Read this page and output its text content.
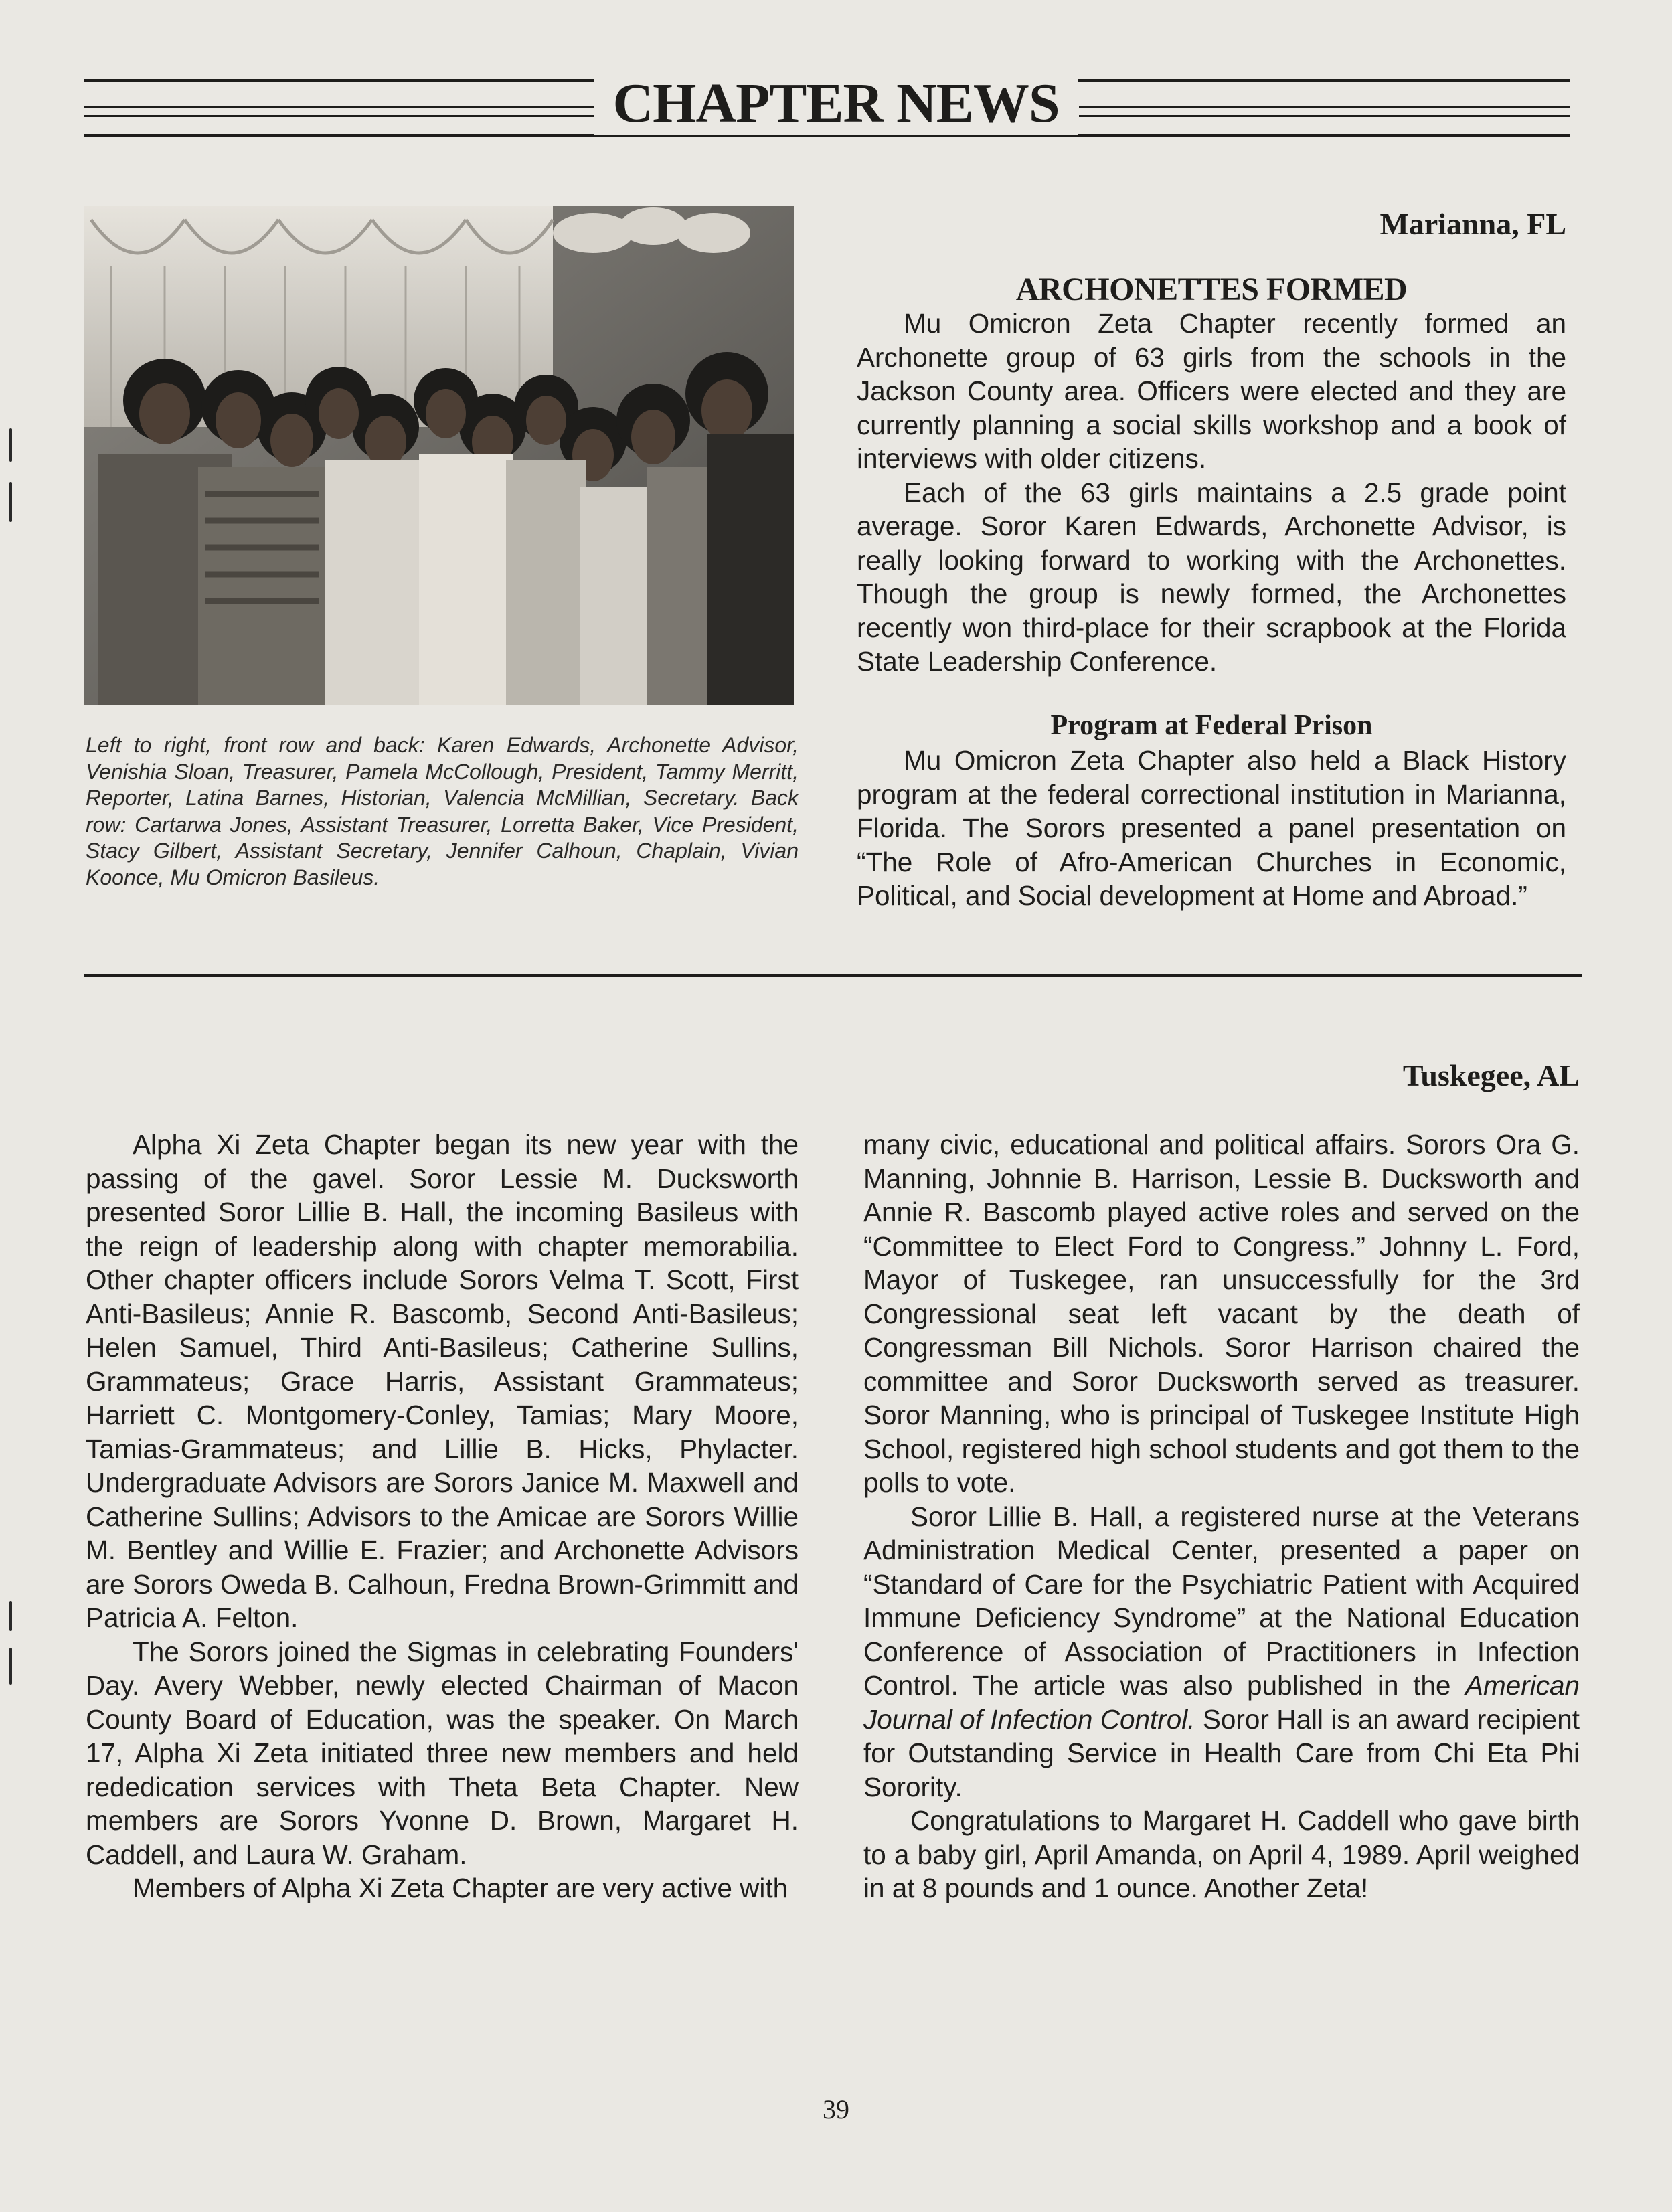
CHAPTER NEWS
Left to right, front row and back: Karen Edwards, Archonette Advisor, Venishia Sloan, Treasurer, Pamela McCollough, President, Tammy Merritt, Reporter, Latina Barnes, Historian, Valencia McMillian, Secretary. Back row: Cartarwa Jones, Assistant Treasurer, Lorretta Baker, Vice President, Stacy Gilbert, Assistant Secretary, Jennifer Calhoun, Chaplain, Vivian Koonce, Mu Omicron Basileus.
Marianna, FL
ARCHONETTES FORMED

Mu Omicron Zeta Chapter recently formed an Archonette group of 63 girls from the schools in the Jackson County area. Officers were elected and they are currently planning a social skills workshop and a book of interviews with older citizens.

Each of the 63 girls maintains a 2.5 grade point average. Soror Karen Edwards, Archonette Advisor, is really looking forward to working with the Archonettes. Though the group is newly formed, the Archonettes recently won third-place for their scrapbook at the Florida State Leadership Conference.

Program at Federal Prison

Mu Omicron Zeta Chapter also held a Black History program at the federal correctional institution in Marianna, Florida. The Sorors presented a panel presentation on “The Role of Afro-American Churches in Economic, Political, and Social development at Home and Abroad.”

Tuskegee, AL

Alpha Xi Zeta Chapter began its new year with the passing of the gavel. Soror Lessie M. Ducksworth presented Soror Lillie B. Hall, the incoming Basileus with the reign of leadership along with chapter memorabilia. Other chapter officers include Sorors Velma T. Scott, First Anti-Basileus; Annie R. Bascomb, Second Anti-Basileus; Helen Samuel, Third Anti-Basileus; Catherine Sullins, Grammateus; Grace Harris, Assistant Grammateus; Harriett C. Montgomery-Conley, Tamias; Mary Moore, Tamias-Grammateus; and Lillie B. Hicks, Phylacter. Undergraduate Advisors are Sorors Janice M. Maxwell and Catherine Sullins; Advisors to the Amicae are Sorors Willie M. Bentley and Willie E. Frazier; and Archonette Advisors are Sorors Oweda B. Calhoun, Fredna Brown-Grimmitt and Patricia A. Felton.

The Sorors joined the Sigmas in celebrating Founders' Day. Avery Webber, newly elected Chairman of Macon County Board of Education, was the speaker. On March 17, Alpha Xi Zeta initiated three new members and held rededication services with Theta Beta Chapter. New members are Sorors Yvonne D. Brown, Margaret H. Caddell, and Laura W. Graham.

Members of Alpha Xi Zeta Chapter are very active with

many civic, educational and political affairs. Sorors Ora G. Manning, Johnnie B. Harrison, Lessie B. Ducksworth and Annie R. Bascomb played active roles and served on the “Committee to Elect Ford to Congress.” Johnny L. Ford, Mayor of Tuskegee, ran unsuccessfully for the 3rd Congressional seat left vacant by the death of Congressman Bill Nichols. Soror Harrison chaired the committee and Soror Ducksworth served as treasurer. Soror Manning, who is principal of Tuskegee Institute High School, registered high school students and got them to the polls to vote.

Soror Lillie B. Hall, a registered nurse at the Veterans Administration Medical Center, presented a paper on “Standard of Care for the Psychiatric Patient with Acquired Immune Deficiency Syndrome” at the National Education Conference of Association of Practitioners in Infection Control. The article was also published in the American Journal of Infection Control. Soror Hall is an award recipient for Outstanding Service in Health Care from Chi Eta Phi Sorority.

Congratulations to Margaret H. Caddell who gave birth to a baby girl, April Amanda, on April 4, 1989. April weighed in at 8 pounds and 1 ounce. Another Zeta!

39
